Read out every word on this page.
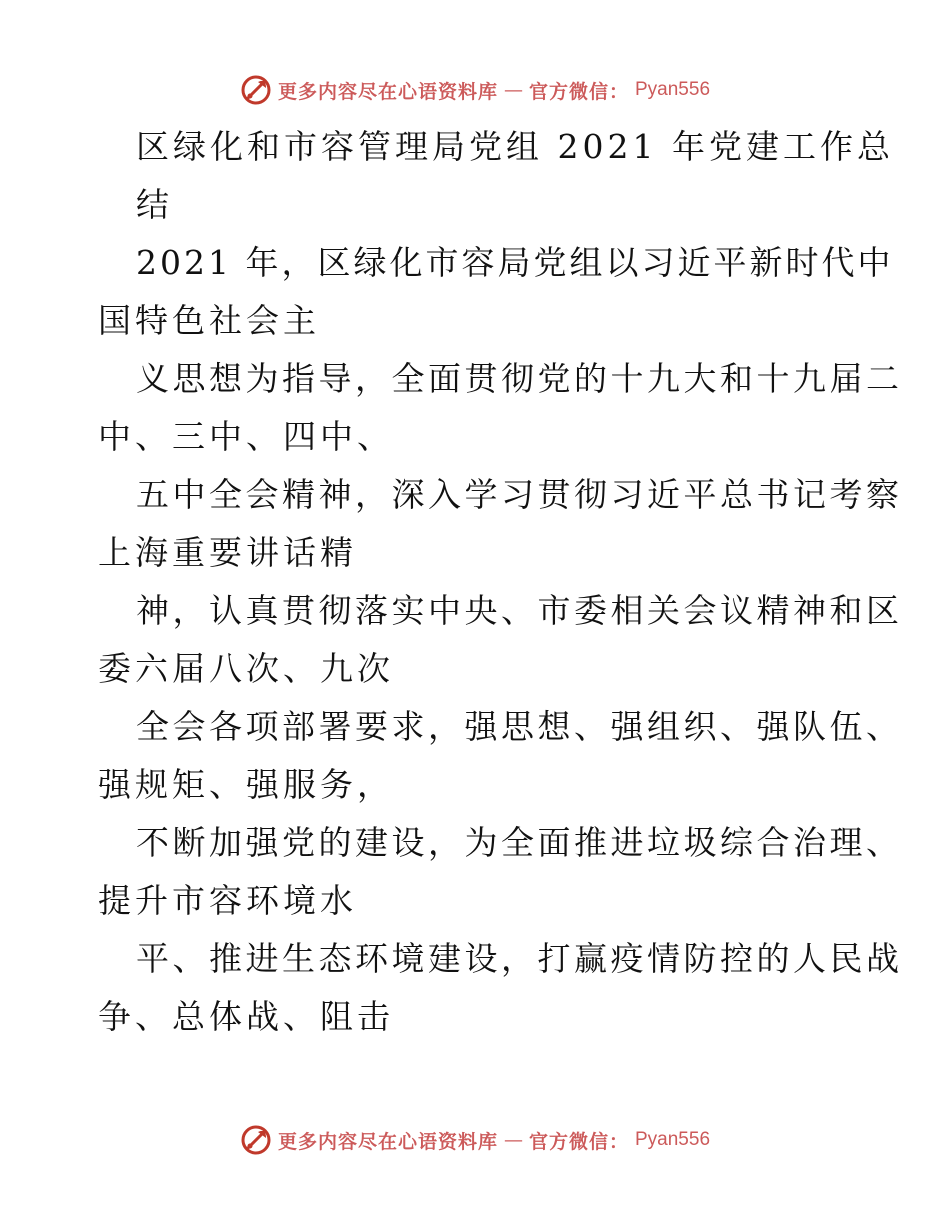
更多内容尽在心语资料库 — 官方微信： Pyan556

区绿化和市容管理局党组 2021 年党建工作总

结

2021 年，区绿化市容局党组以习近平新时代中

国特色社会主

义思想为指导，全面贯彻党的十九大和十九届二

中、三中、四中、

五中全会精神，深入学习贯彻习近平总书记考察

上海重要讲话精

神，认真贯彻落实中央、市委相关会议精神和区

委六届八次、九次

全会各项部署要求，强思想、强组织、强队伍、

强规矩、强服务，

不断加强党的建设，为全面推进垃圾综合治理、

提升市容环境水

平、推进生态环境建设，打赢疫情防控的人民战

争、总体战、阻击

更多内容尽在心语资料库 — 官方微信： Pyan556
